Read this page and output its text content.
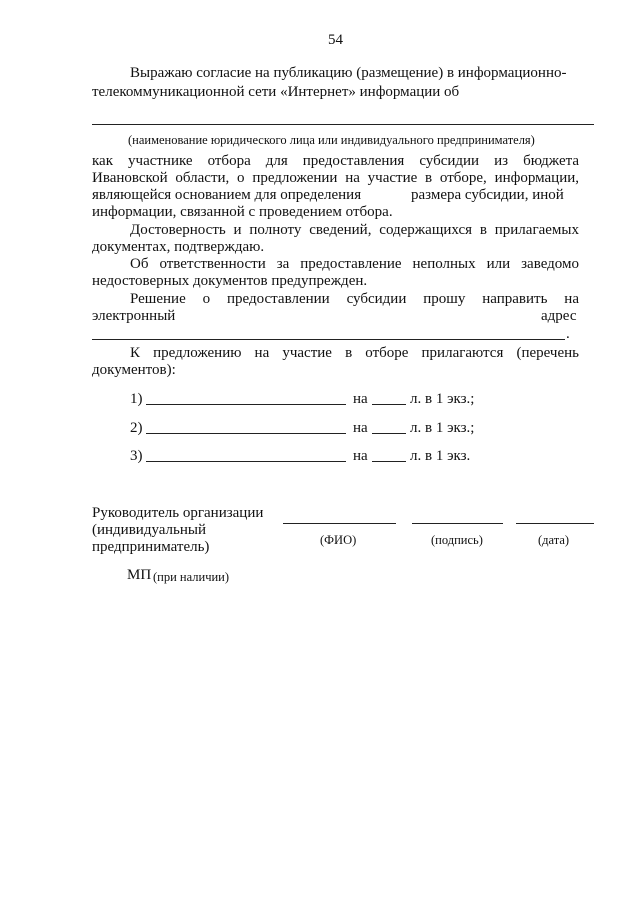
54
Выражаю согласие на публикацию (размещение) в информационно-
телекоммуникационной сети «Интернет» информации об
(наименование юридического лица или индивидуального предпринимателя)
как участнике отбора для предоставления субсидии из бюджета
Ивановской области, о предложении на участие в отборе, информации,
являющейся основанием для определения	размера субсидии, иной
информации, связанной с проведением отбора.
Достоверность и полноту сведений, содержащихся в прилагаемых
документах, подтверждаю.
Об ответственности за предоставление неполных или заведомо
недостоверных документов предупрежден.
Решение о предоставлении субсидии прошу направить на
электронный	адрес
.
К предложению на участие в отборе прилагаются (перечень
документов):
1)	на	л. в 1 экз.;
2)	на	л. в 1 экз.;
3)	на	л. в 1 экз.
Руководитель организации
(индивидуальный
предприниматель)	(ФИО)	(подпись)	(дата)
МП (при наличии)
